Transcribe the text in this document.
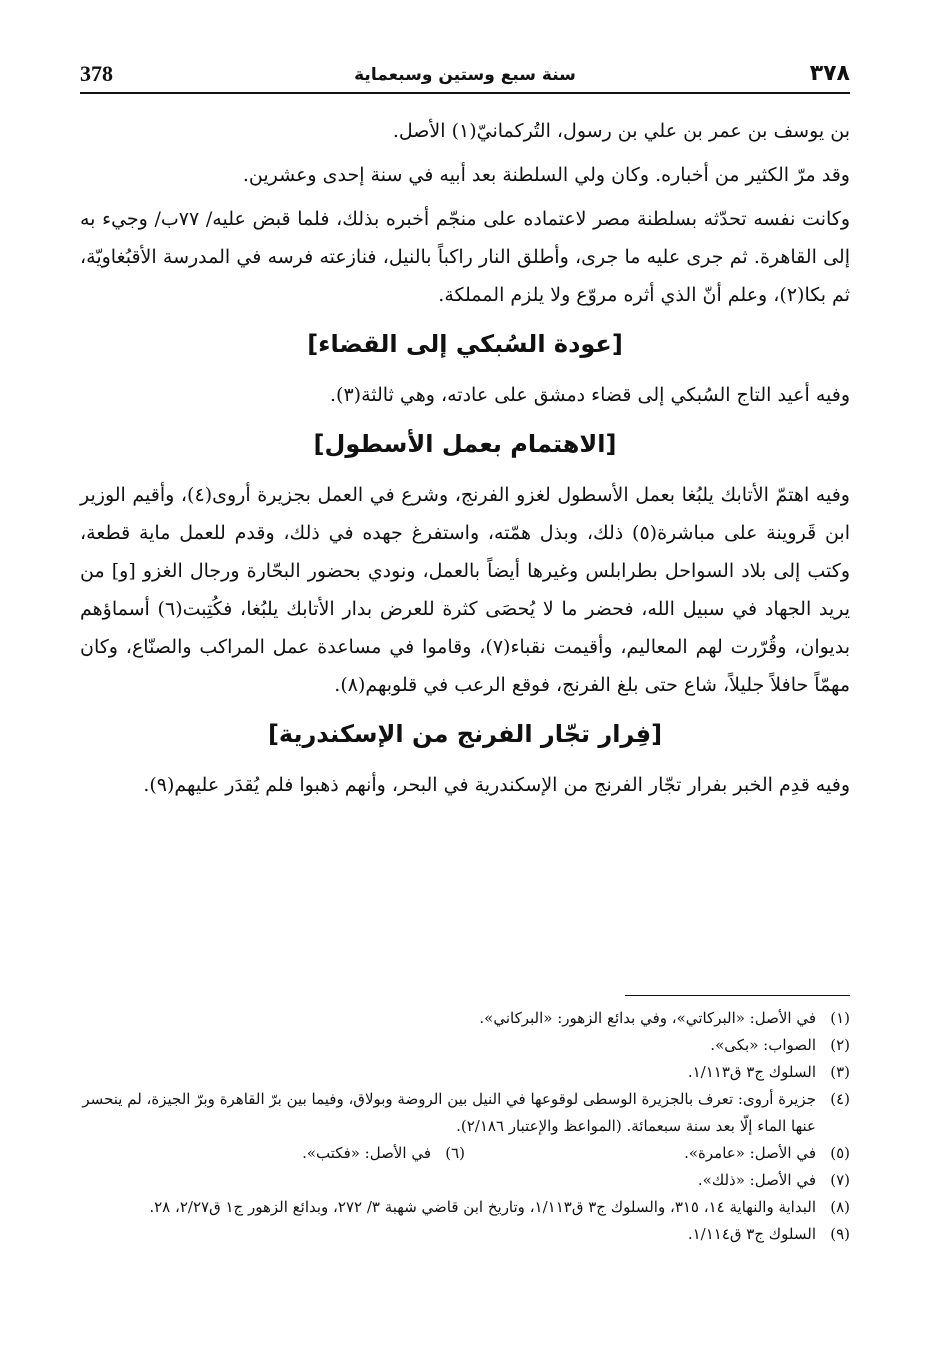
378	سنة سبع وستين وسبعماية	٣٧٨

بن يوسف بن عمر بن علي بن رسول، التُركمانيّ(١) الأصل.

وقد مرّ الكثير من أخباره. وكان ولي السلطنة بعد أبيه في سنة إحدى وعشرين.

وكانت نفسه تحدّثه بسلطنة مصر لاعتماده على منجّم أخبره بذلك، فلما قبض عليه/ ٧٧ب/ وجيء به إلى القاهرة. ثم جرى عليه ما جرى، وأطلق النار راكباً بالنيل، فنازعته فرسه في المدرسة الأقبُغاويّة، ثم بكا(٢)، وعلم أنّ الذي أثره مروّع ولا يلزم المملكة.

[عودة السُبكي إلى القضاء]

وفيه أعيد التاج السُبكي إلى قضاء دمشق على عادته، وهي ثالثة(٣).

[الاهتمام بعمل الأسطول]

وفيه اهتمّ الأتابك يلبُغا بعمل الأسطول لغزو الفرنج، وشرع في العمل بجزيرة أروى(٤)، وأقيم الوزير ابن قَروينة على مباشرة(٥) ذلك، وبذل همّته، واستفرغ جهده في ذلك، وقدم للعمل ماية قطعة، وكتب إلى بلاد السواحل بطرابلس وغيرها أيضاً بالعمل، ونودي بحضور البحّارة ورجال الغزو [و] من يريد الجهاد في سبيل الله، فحضر ما لا يُحصَى كثرة للعرض بدار الأتابك يلبُغا، فكُتِبت(٦) أسماؤهم بديوان، وقُرّرت لهم المعاليم، وأقيمت نقباء(٧)، وقاموا في مساعدة عمل المراكب والصنّاع، وكان مهمّاً حافلاً جليلاً، شاع حتى بلغ الفرنج، فوقع الرعب في قلوبهم(٨).

[فِرار تجّار الفرنج من الإسكندرية]

وفيه قدِم الخبر بفرار تجّار الفرنج من الإسكندرية في البحر، وأنهم ذهبوا فلم يُقدَر عليهم(٩).

(١)
في الأصل: «البركاتي»، وفي بدائع الزهور: «البركاني».
(٢)
الصواب: «بكى».
(٣)
السلوك ج٣ ق١/١١٣.
(٤)
جزيرة أروى: تعرف بالجزيرة الوسطى لوقوعها في النيل بين الروضة وبولاق، وفيما بين برّ القاهرة وبرّ الجيزة، لم ينحسر عنها الماء إلّا بعد سنة سبعمائة. (المواعظ والإعتبار ٢/١٨٦).
(٥)
في الأصل: «عامرة».
(٦)
في الأصل: «فكتب».
(٧)
في الأصل: «ذلك».
(٨)
البداية والنهاية ١٤، ٣١٥، والسلوك ج٣ ق١/١١٣، وتاريخ ابن قاضي شهبة ٣/ ٢٧٢، وبدائع الزهور ج١ ق٢/٢٧، ٢٨.
(٩)
السلوك ج٣ ق١/١١٤.
